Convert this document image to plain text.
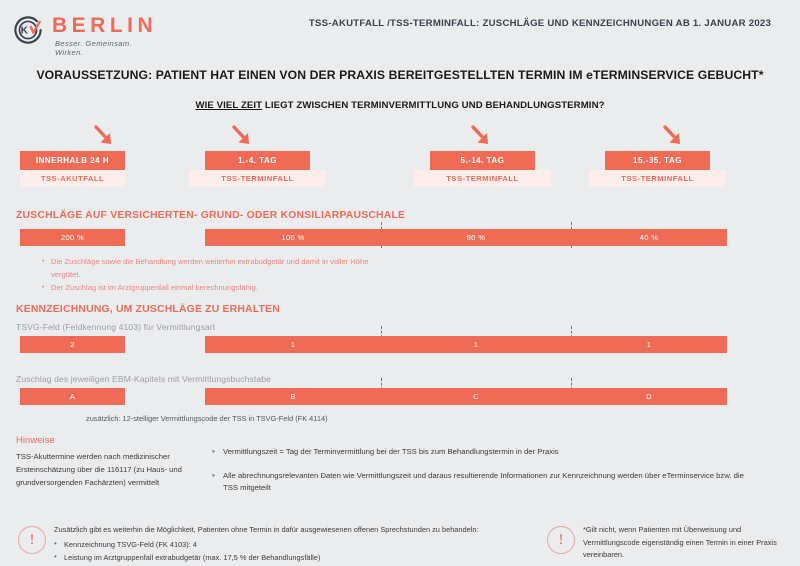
K BERLIN
Besser. Gemeinsam. Wirken.
TSS-AKUTFALL /TSS-TERMINFALL: ZUSCHLÄGE UND KENNZEICHNUNGEN AB 1. JANUAR 2023
VORAUSSETZUNG: PATIENT HAT EINEN VON DER PRAXIS BEREITGESTELLTEN TERMIN IM eTERMINSERVICE GEBUCHT*
WIE VIEL ZEIT LIEGT ZWISCHEN TERMINVERMITTLUNG UND BEHANDLUNGSTERMIN?
INNERHALB 24 H
TSS-AKUTFALL
1.-4. TAG
TSS-TERMINFALL
5.-14. TAG
TSS-TERMINFALL
15.-35. TAG
TSS-TERMINFALL
ZUSCHLÄGE AUF VERSICHERTEN- GRUND- ODER KONSILIARPAUSCHALE
200 %	100 %	80 %	40 %
• Die Zuschläge sowie die Behandlung werden weiterhin extrabudgetär und damit in voller Höhe vergütet.
• Der Zuschlag ist im Arztgruppenfall einmal berechnungsfähig.
KENNZEICHNUNG, UM ZUSCHLÄGE ZU ERHALTEN
TSVG-Feld (Feldkennung 4103) für Vermittlungsart
2	1	1	1
Zuschlag des jeweiligen EBM-Kapitels mit Vermittlungsbuchstabe
A	B	C	D
zusätzlich: 12-stelliger Vermittlungscode der TSS in TSVG-Feld (FK 4114)
Hinweise
TSS-Akuttermine werden nach medizinischer Ersteinschätzung über die 116117 (zu Haus- und grundversorgenden Fachärzten) vermittelt
• Vermittlungszeit = Tag der Terminvermittlung bei der TSS bis zum Behandlungstermin in der Praxis
• Alle abrechnungsrelevanten Daten wie Vermittlungszeit und daraus resultierende Informationen zur Kennzeichnung werden über eTerminservice bzw. die TSS mitgeteilt
!
Zusätzlich gibt es weiterhin die Möglichkeit, Patienten ohne Termin in dafür ausgewiesenen offenen Sprechstunden zu behandeln:
• Kennzeichnung TSVG-Feld (FK 4103): 4
• Leistung im Arztgruppenfall extrabudgetär (max. 17,5 % der Behandlungsfälle)
!
*Gilt nicht, wenn Patienten mit Überweisung und Vermittlungscode eigenständig einen Termin in einer Praxis vereinbaren.
